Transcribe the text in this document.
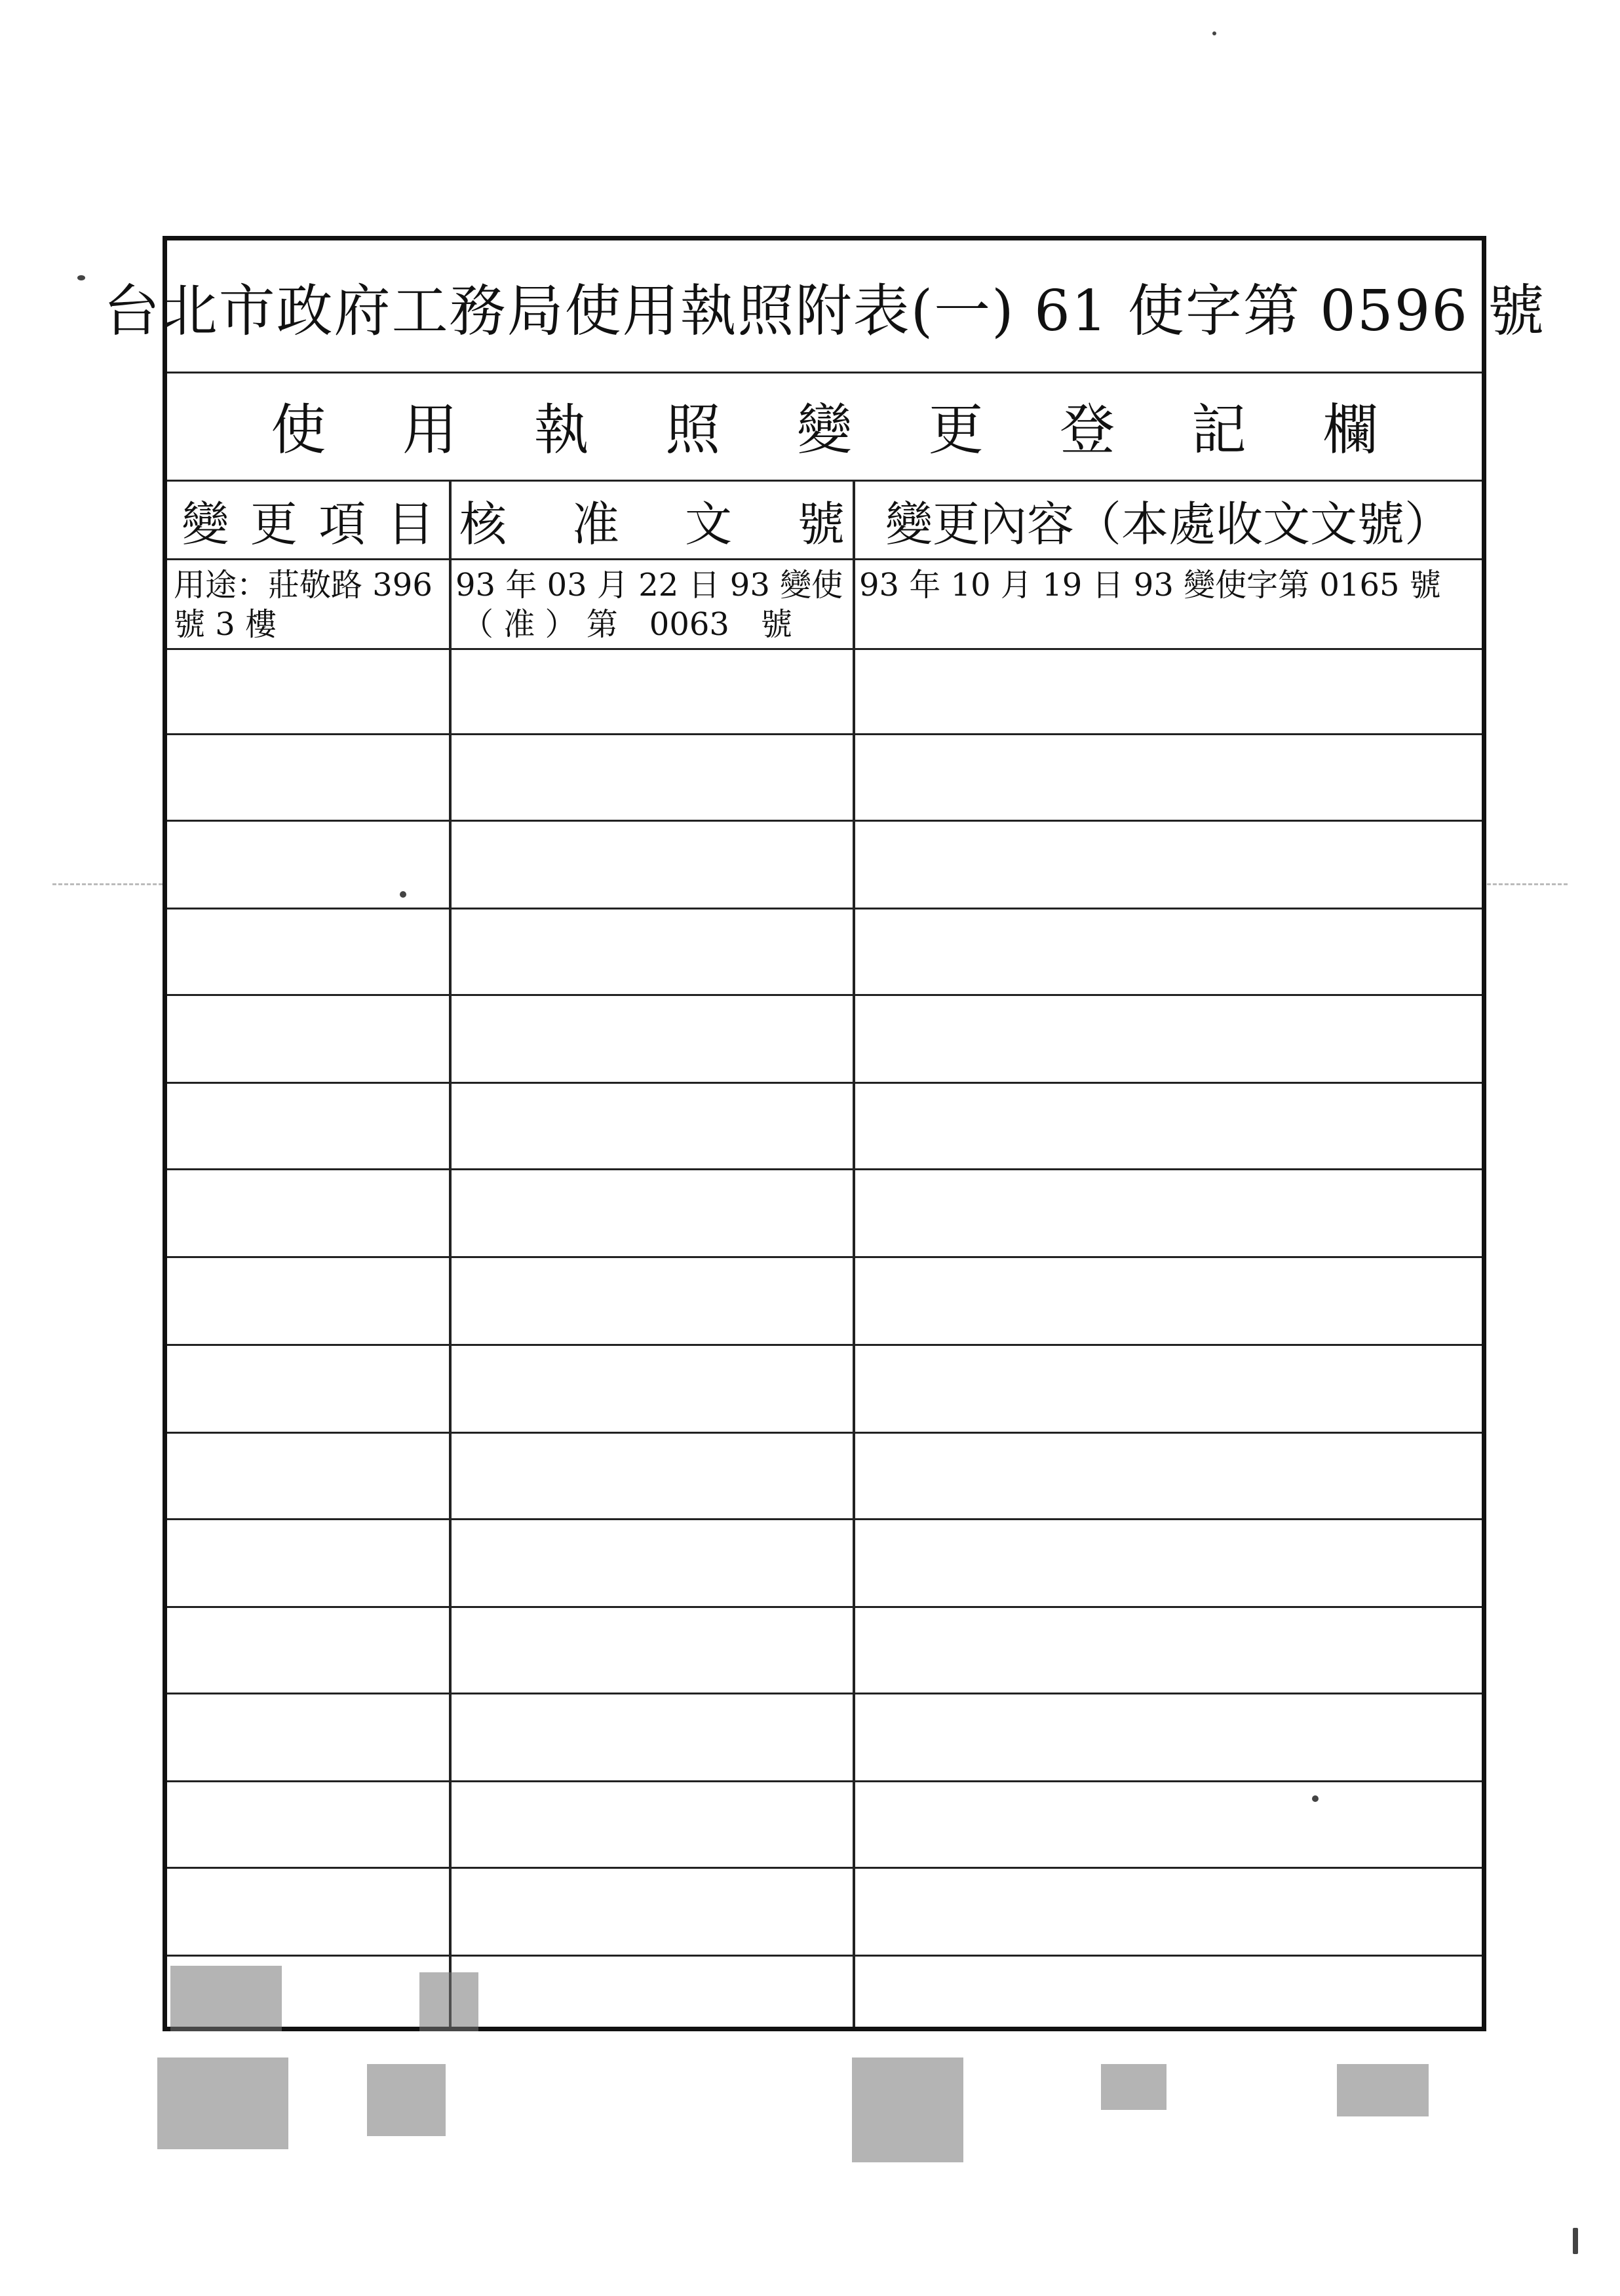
台北市政府工務局使用執照附表(一) 61 使字第 0596 號
使 用 執 照 變 更 登 記 欄
變 更 項 目 核 准 文 號 變更內容（本處收文文號）
用途：莊敬路 396
號 3 樓
93 年 03 月 22 日 93 變使
（ 准 ） 第　0063　號
93 年 10 月 19 日 93 變使字第 0165 號
